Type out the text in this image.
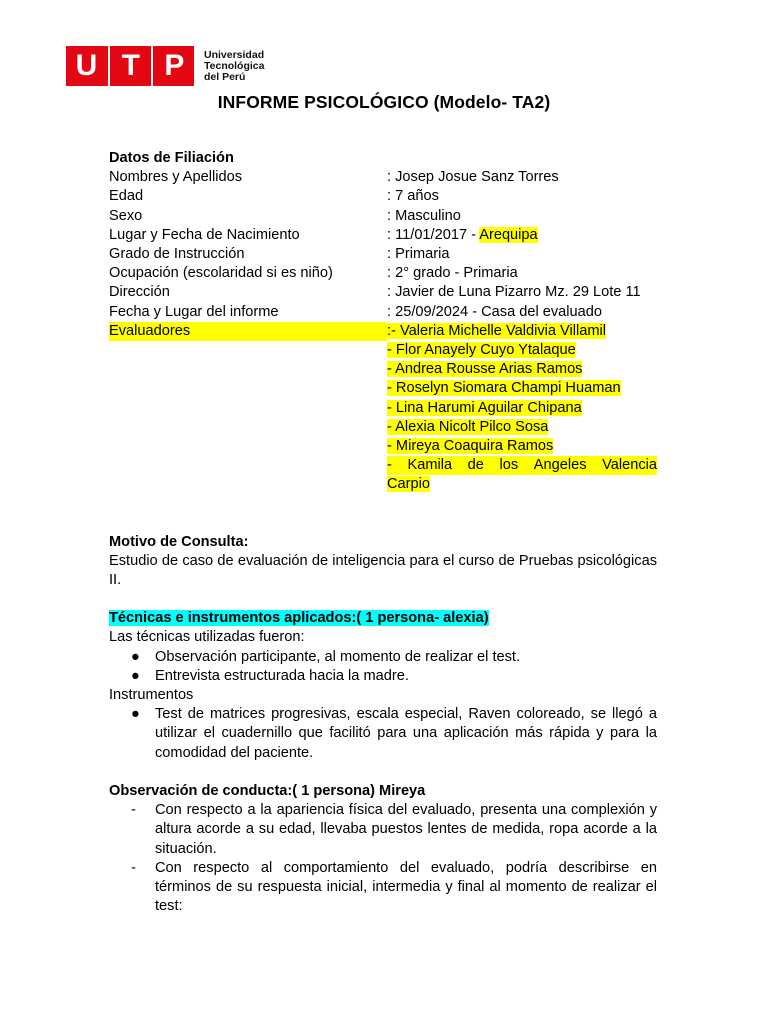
U T P Universidad
Tecnológica
del Perú
INFORME PSICOLÓGICO (Modelo- TA2)
Datos de Filiación
Nombres y Apellidos	: Josep Josue Sanz Torres
Edad	: 7 años
Sexo	: Masculino
Lugar y Fecha de Nacimiento	: 11/01/2017 - Arequipa
Grado de Instrucción	: Primaria
Ocupación (escolaridad si es niño)	: 2° grado - Primaria
Dirección	: Javier de Luna Pizarro Mz. 29 Lote 11
Fecha y Lugar del informe	: 25/09/2024 - Casa del evaluado
Evaluadores	:- Valeria Michelle Valdivia Villamil
- Flor Anayely Cuyo Ytalaque
- Andrea Rousse Arias Ramos
- Roselyn Siomara Champi Huaman
- Lina Harumi Aguilar Chipana
- Alexia Nicolt Pilco Sosa
- Mireya Coaquira Ramos
- Kamila de los Angeles Valencia
Carpio
Motivo de Consulta:
Estudio de caso de evaluación de inteligencia para el curso de Pruebas psicológicas II.
Técnicas e instrumentos aplicados:( 1 persona- alexia)
Las técnicas utilizadas fueron:
● Observación participante, al momento de realizar el test.
● Entrevista estructurada hacia la madre.
Instrumentos
● Test de matrices progresivas, escala especial, Raven coloreado, se llegó a utilizar el cuadernillo que facilitó para una aplicación más rápida y para la comodidad del paciente.
Observación de conducta:( 1 persona) Mireya
- Con respecto a la apariencia física del evaluado, presenta una complexión y altura acorde a su edad, llevaba puestos lentes de medida, ropa acorde a la situación.
- Con respecto al comportamiento del evaluado, podría describirse en términos de su respuesta inicial, intermedia y final al momento de realizar el test:
